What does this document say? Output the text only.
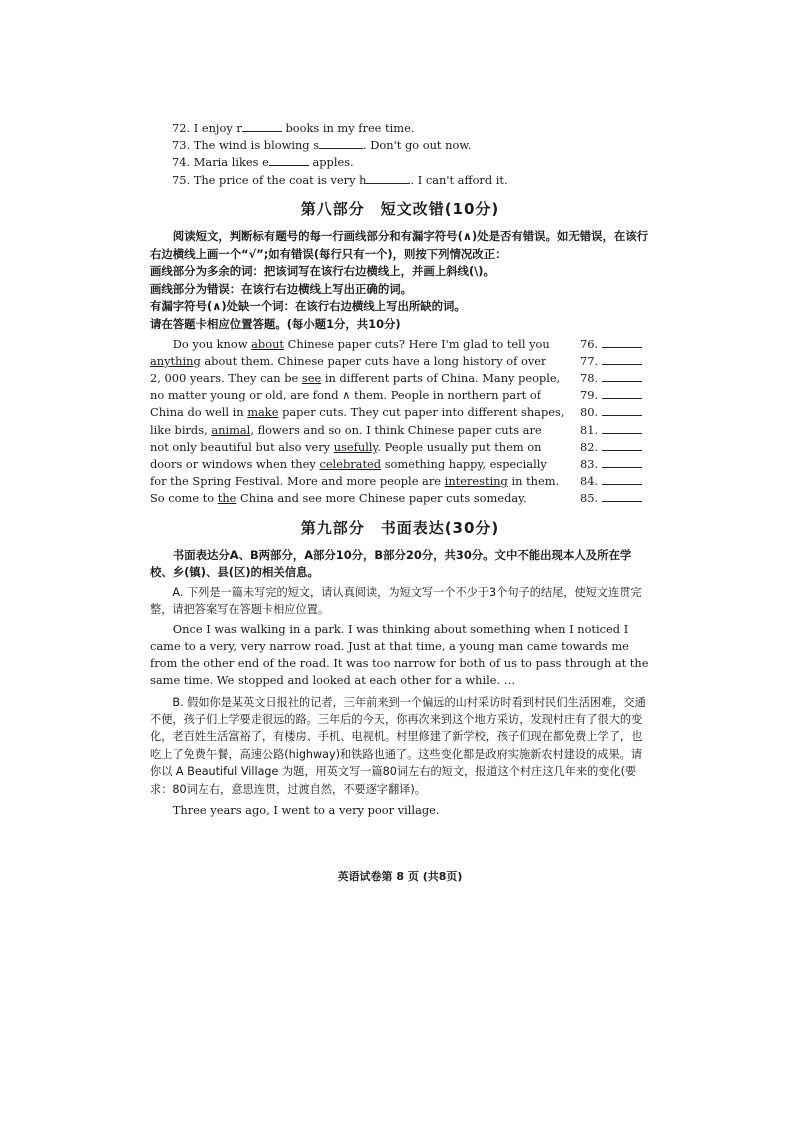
72. I enjoy r	books in my free time.
73. The wind is blowing s	. Don't go out now.
74. Maria likes e	apples.
75. The price of the coat is very h	. I can't afford it.
第八部分　短文改错(10分)
阅读短文，判断标有题号的每一行画线部分和有漏字符号(∧)处是否有错误。如无错误，在该行右边横线上画一个“√”;如有错误(每行只有一个)，则按下列情况改正：
画线部分为多余的词：把该词写在该行右边横线上，并画上斜线(\)。
画线部分为错误：在该行右边横线上写出正确的词。
有漏字符号(∧)处缺一个词：在该行右边横线上写出所缺的词。
请在答题卡相应位置答题。(每小题1分，共10分)
Do you know about Chinese paper cuts? Here I'm glad to tell you	76.
anything about them. Chinese paper cuts have a long history of over	77.
2, 000 years. They can be see in different parts of China. Many people, 78.
no matter young or old, are fond ∧ them. People in northern part of	79.
China do well in make paper cuts. They cut paper into different shapes, 80.
like birds, animal, flowers and so on. I think Chinese paper cuts are	81.
not only beautiful but also very usefully. People usually put them on	82.
doors or windows when they celebrated something happy, especially	83.
for the Spring Festival. More and more people are interesting in them. 84.
So come to the China and see more Chinese paper cuts someday.	85.
第九部分　书面表达(30分)
书面表达分A、B两部分，A部分10分，B部分20分，共30分。文中不能出现本人及所在学校、乡(镇)、县(区)的相关信息。
A. 下列是一篇未写完的短文，请认真阅读，为短文写一个不少于3个句子的结尾，使短文连贯完整，请把答案写在答题卡相应位置。
Once I was walking in a park. I was thinking about something when I noticed I came to a very, very narrow road. Just at that time, a young man came towards me from the other end of the road. It was too narrow for both of us to pass through at the same time. We stopped and looked at each other for a while. …
B. 假如你是某英文日报社的记者，三年前来到一个偏远的山村采访时看到村民们生活困难，交通不便，孩子们上学要走很远的路。三年后的今天，你再次来到这个地方采访，发现村庄有了很大的变化，老百姓生活富裕了，有楼房、手机、电视机。村里修建了新学校，孩子们现在都免费上学了，也吃上了免费午餐，高速公路(highway)和铁路也通了。这些变化都是政府实施新农村建设的成果。请你以 A Beautiful Village 为题，用英文写一篇80词左右的短文，报道这个村庄这几年来的变化(要求：80词左右，意思连贯，过渡自然，不要逐字翻译)。
Three years ago, I went to a very poor village.
英语试卷第 8 页 (共8页)
